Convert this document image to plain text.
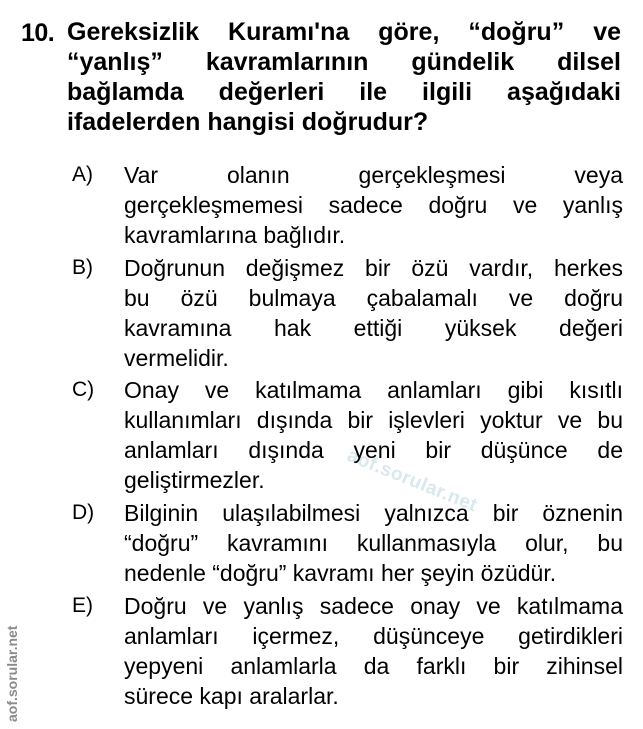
aof.sorular.net
aof.sorular.net
10. Gereksizlik Kuramı'na göre, “doğru” ve
“yanlış” kavramlarının gündelik dilsel
bağlamda değerleri ile ilgili aşağıdaki
ifadelerden hangisi doğrudur?
A) Var olanın gerçekleşmesi veya
gerçekleşmemesi sadece doğru ve yanlış
kavramlarına bağlıdır.
B) Doğrunun değişmez bir özü vardır, herkes
bu özü bulmaya çabalamalı ve doğru
kavramına hak ettiği yüksek değeri
vermelidir.
C) Onay ve katılmama anlamları gibi kısıtlı
kullanımları dışında bir işlevleri yoktur ve bu
anlamları dışında yeni bir düşünce de
geliştirmezler.
D) Bilginin ulaşılabilmesi yalnızca bir öznenin
“doğru” kavramını kullanmasıyla olur, bu
nedenle “doğru” kavramı her şeyin özüdür.
E) Doğru ve yanlış sadece onay ve katılmama
anlamları içermez, düşünceye getirdikleri
yepyeni anlamlarla da farklı bir zihinsel
sürece kapı aralarlar.
